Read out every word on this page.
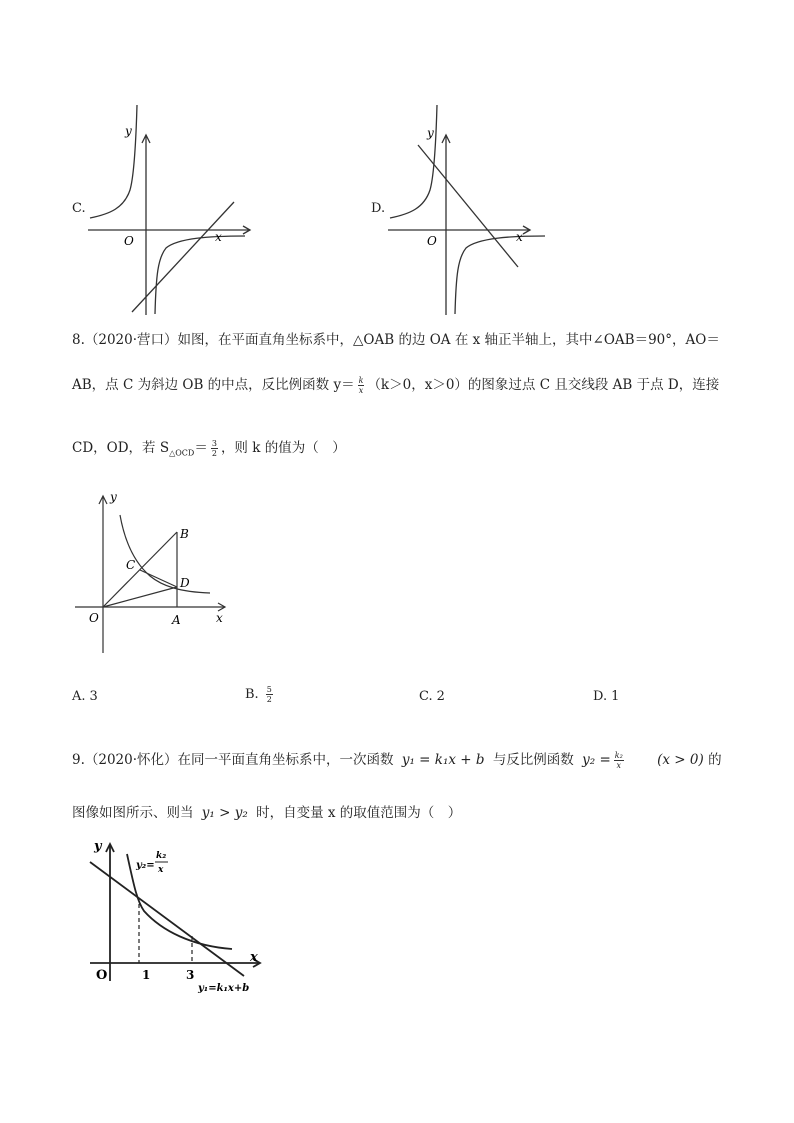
C.
x
y
O
D.
x
y
O
8.（2020·营口）如图，在平面直角坐标系中，△OAB 的边 OA 在 x 轴正半轴上，其中∠OAB＝90°，AO＝
AB，点 C 为斜边 OB 的中点，反比例函数 $y= \frac{k}{x} (k>0$，x＞0）的图象过点 C 且交线段 AB 于点 D，连接
CD，OD，若 $S_{\triangle OCD}= \frac{3}{2}$ ，则 k 的值为（　）
y
x
O	A
B
C
D
A. 3	B. $\frac{5}{2}$	C. 2	D. 1
9.（2020·怀化）在同一平面直角坐标系中，一次函数 y₁ = k₁x + b 与反比例函数 $y_2 = \frac{\text{k₂}}{x} (x > 0)$ 的
图像如图所示、则当 y₁ > y₂ 时，自变量 x 的取值范围为（　）
y
x
O	1	3
y₂=
k₂
x
y₁=k₁x+b
